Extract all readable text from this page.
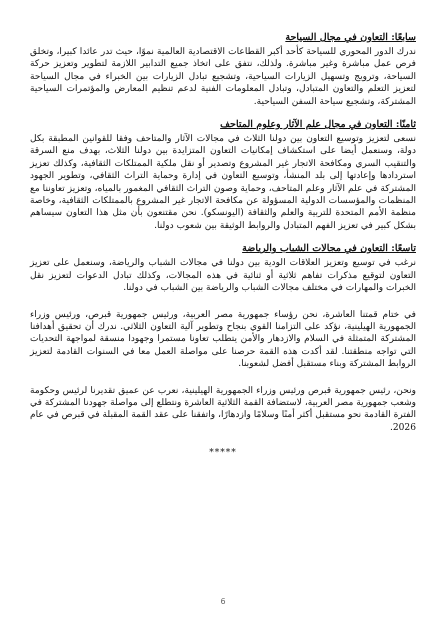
سابعًا: التعاون في مجال السياحة

ندرك الدور المحوري للسياحة كأحد أكبر القطاعات الاقتصادية العالمية نموًا، حيث تدر عائدا كبيرا، وتخلق فرص عمل مباشرة وغير مباشرة. ولذلك، نتفق على اتخاذ جميع التدابير اللازمة لتطوير وتعزيز حركة السياحة، وترويج وتسهيل الزيارات السياحية، وتشجيع تبادل الزيارات بين الخبراء في مجال السياحة لتعزيز التعلم والتعاون المتبادل، وتبادل المعلومات الفنية لدعم تنظيم المعارض والمؤتمرات السياحية المشتركة، وتشجيع سياحة السفن السياحية.

ثامنًا: التعاون في مجال علم الآثار وعلوم المتاحف

نسعى لتعزيز وتوسيع التعاون بين دولنا الثلاث في مجالات الآثار والمتاحف وفقا للقوانين المطبقة بكل دولة، وسنعمل أيضا على استكشاف إمكانيات التعاون المتزايدة بين دولنا الثلاث، بهدف منع السرقة والتنقيب السري ومكافحة الاتجار غير المشروع وتصدير أو نقل ملكية الممتلكات الثقافية، وكذلك تعزيز استردادها وإعادتها إلى بلد المنشأ، وتوسيع التعاون في إدارة وحماية التراث الثقافي، وتطوير الجهود المشتركة في علم الآثار وعلم المتاحف، وحماية وصون التراث الثقافي المغمور بالمياه، وتعزيز تعاوننا مع المنظمات والمؤسسات الدولية المسؤولة عن مكافحة الاتجار غير المشروع بالممتلكات الثقافية، وخاصة منظمة الأمم المتحدة للتربية والعلم والثقافة (اليونسكو). نحن مقتنعون بأن مثل هذا التعاون سيساهم بشكل كبير في تعزيز الفهم المتبادل والروابط الوثيقة بين شعوب دولنا.

تاسعًا: التعاون في مجالات الشباب والرياضة

نرغب في توسيع وتعزيز العلاقات الودية بين دولنا في مجالات الشباب والرياضة، وسنعمل على تعزيز التعاون لتوقيع مذكرات تفاهم ثلاثية أو ثنائية في هذه المجالات، وكذلك تبادل الدعوات لتعزيز نقل الخبرات والمهارات في مختلف مجالات الشباب والرياضة بين الشباب في دولنا.

في ختام قمتنا العاشرة، نحن رؤساء جمهورية مصر العربية، ورئيس جمهورية قبرص، ورئيس وزراء الجمهورية الهيلينية، نؤكد على التزامنا القوي بنجاح وتطوير آلية التعاون الثلاثي. ندرك أن تحقيق أهدافنا المشتركة المتمثلة في السلام والازدهار والأمن يتطلب تعاونا مستمرا وجهودا منسقة لمواجهة التحديات التي تواجه منطقتنا. لقد أكدت هذه القمة حرصنا على مواصلة العمل معا في السنوات القادمة لتعزيز الروابط المشتركة وبناء مستقبل أفضل لشعوبنا.

ونحن، رئيس جمهورية قبرص ورئيس وزراء الجمهورية الهيلينية، نعرب عن عميق تقديرنا لرئيس وحكومة وشعب جمهورية مصر العربية، لاستضافة القمة الثلاثية العاشرة ونتطلع إلى مواصلة جهودنا المشتركة في الفترة القادمة نحو مستقبل أكثر أمنًا وسلامًا وازدهارًا، واتفقنا على عقد القمة المقبلة في قبرص في عام 2026.

*****
6
